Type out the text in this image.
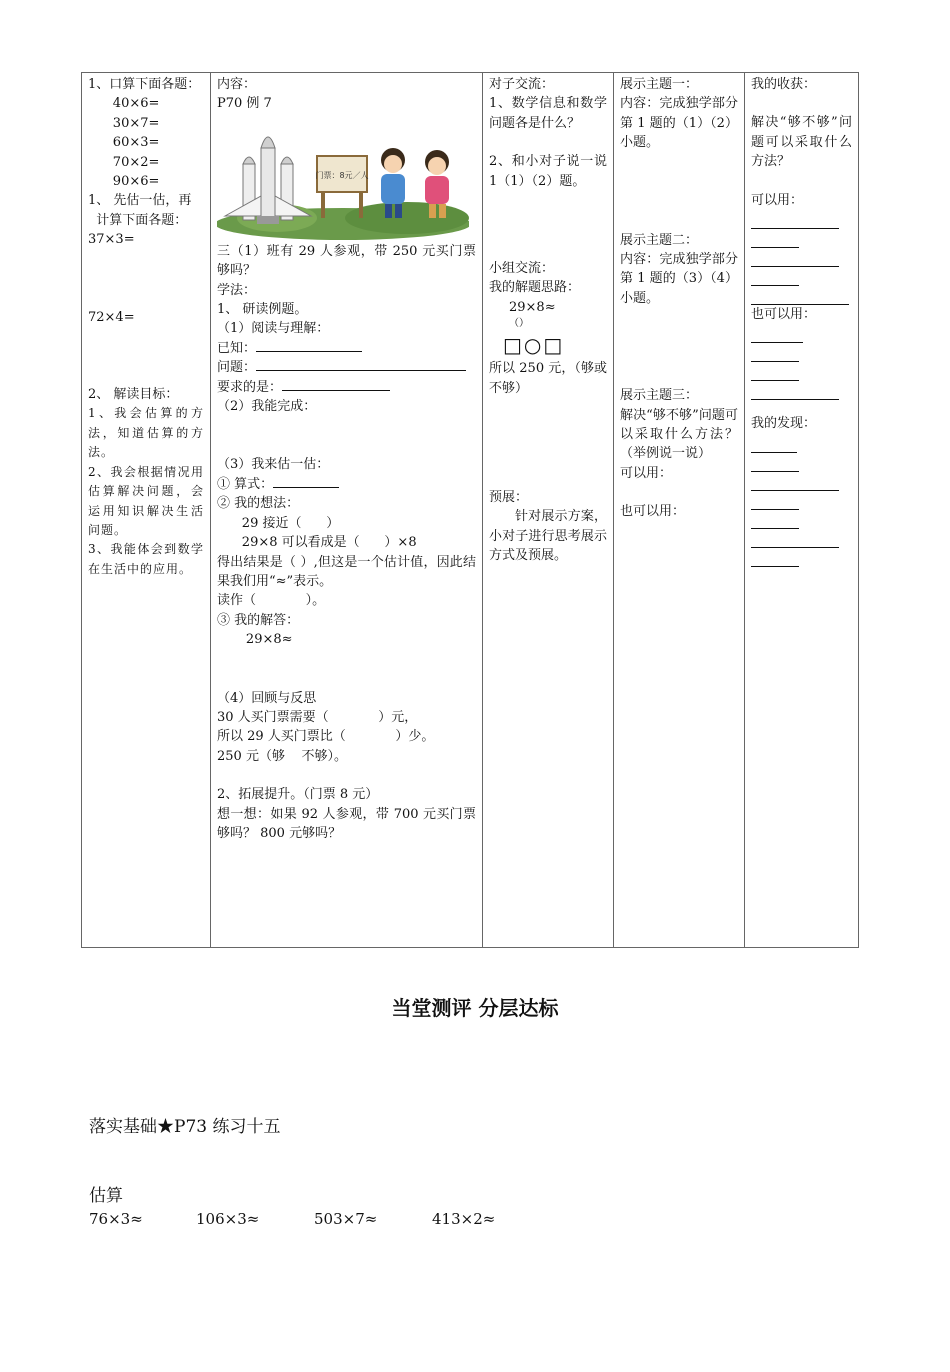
1、口算下面各题：
40×6=
30×7=
60×3=
70×2=
90×6=
1、 先估一估，再
计算下面各题：
37×3=
72×4=
2、 解读目标：
1、我会估算的方法，知道估算的方法。
2、我会根据情况用估算解决问题，会运用知识解决生活问题。
3、我能体会到数学在生活中的应用。

内容：
P70 例 7
门票：8元／人
三（1）班有 29 人参观，带 250 元买门票够吗？
学法：
1、 研读例题。
（1）阅读与理解：
已知：
问题：
要求的是：
（2）我能完成：
（3）我来估一估：
① 算式：
② 我的想法：
29 接近（      ）
29×8 可以看成是（      ）×8
得出结果是（ ）,但这是一个估计值，因此结果我们用“≈”表示。
读作（            ）。
③ 我的解答：
29×8≈
（4）回顾与反思
30 人买门票需要（            ）元，
所以 29 人买门票比（            ）少。
250 元（够    不够）。
2、拓展提升。（门票 8 元）
想一想：如果 92 人参观，带 700 元买门票够吗？ 800 元够吗？

对子交流：
1、数学信息和数学问题各是什么？
2、和小对子说一说 1（1）（2）题。
小组交流：
我的解题思路：
29×8≈
（）
□○□
所以 250 元，（够或不够）
预展：
针对展示方案，小对子进行思考展示方式及预展。

展示主题一：
内容：完成独学部分第 1 题的（1）（2）小题。
展示主题二：
内容：完成独学部分第 1 题的（3）（4）小题。
展示主题三：
解决“够不够”问题可以采取什么方法？（举例说一说）
可以用：
也可以用：

我的收获：
解决“够不够”问题可以采取什么方法？
可以用：
也可以用：
我的发现：
当堂测评 分层达标
落实基础★P73 练习十五
估算
76×3≈	106×3≈	503×7≈	413×2≈
